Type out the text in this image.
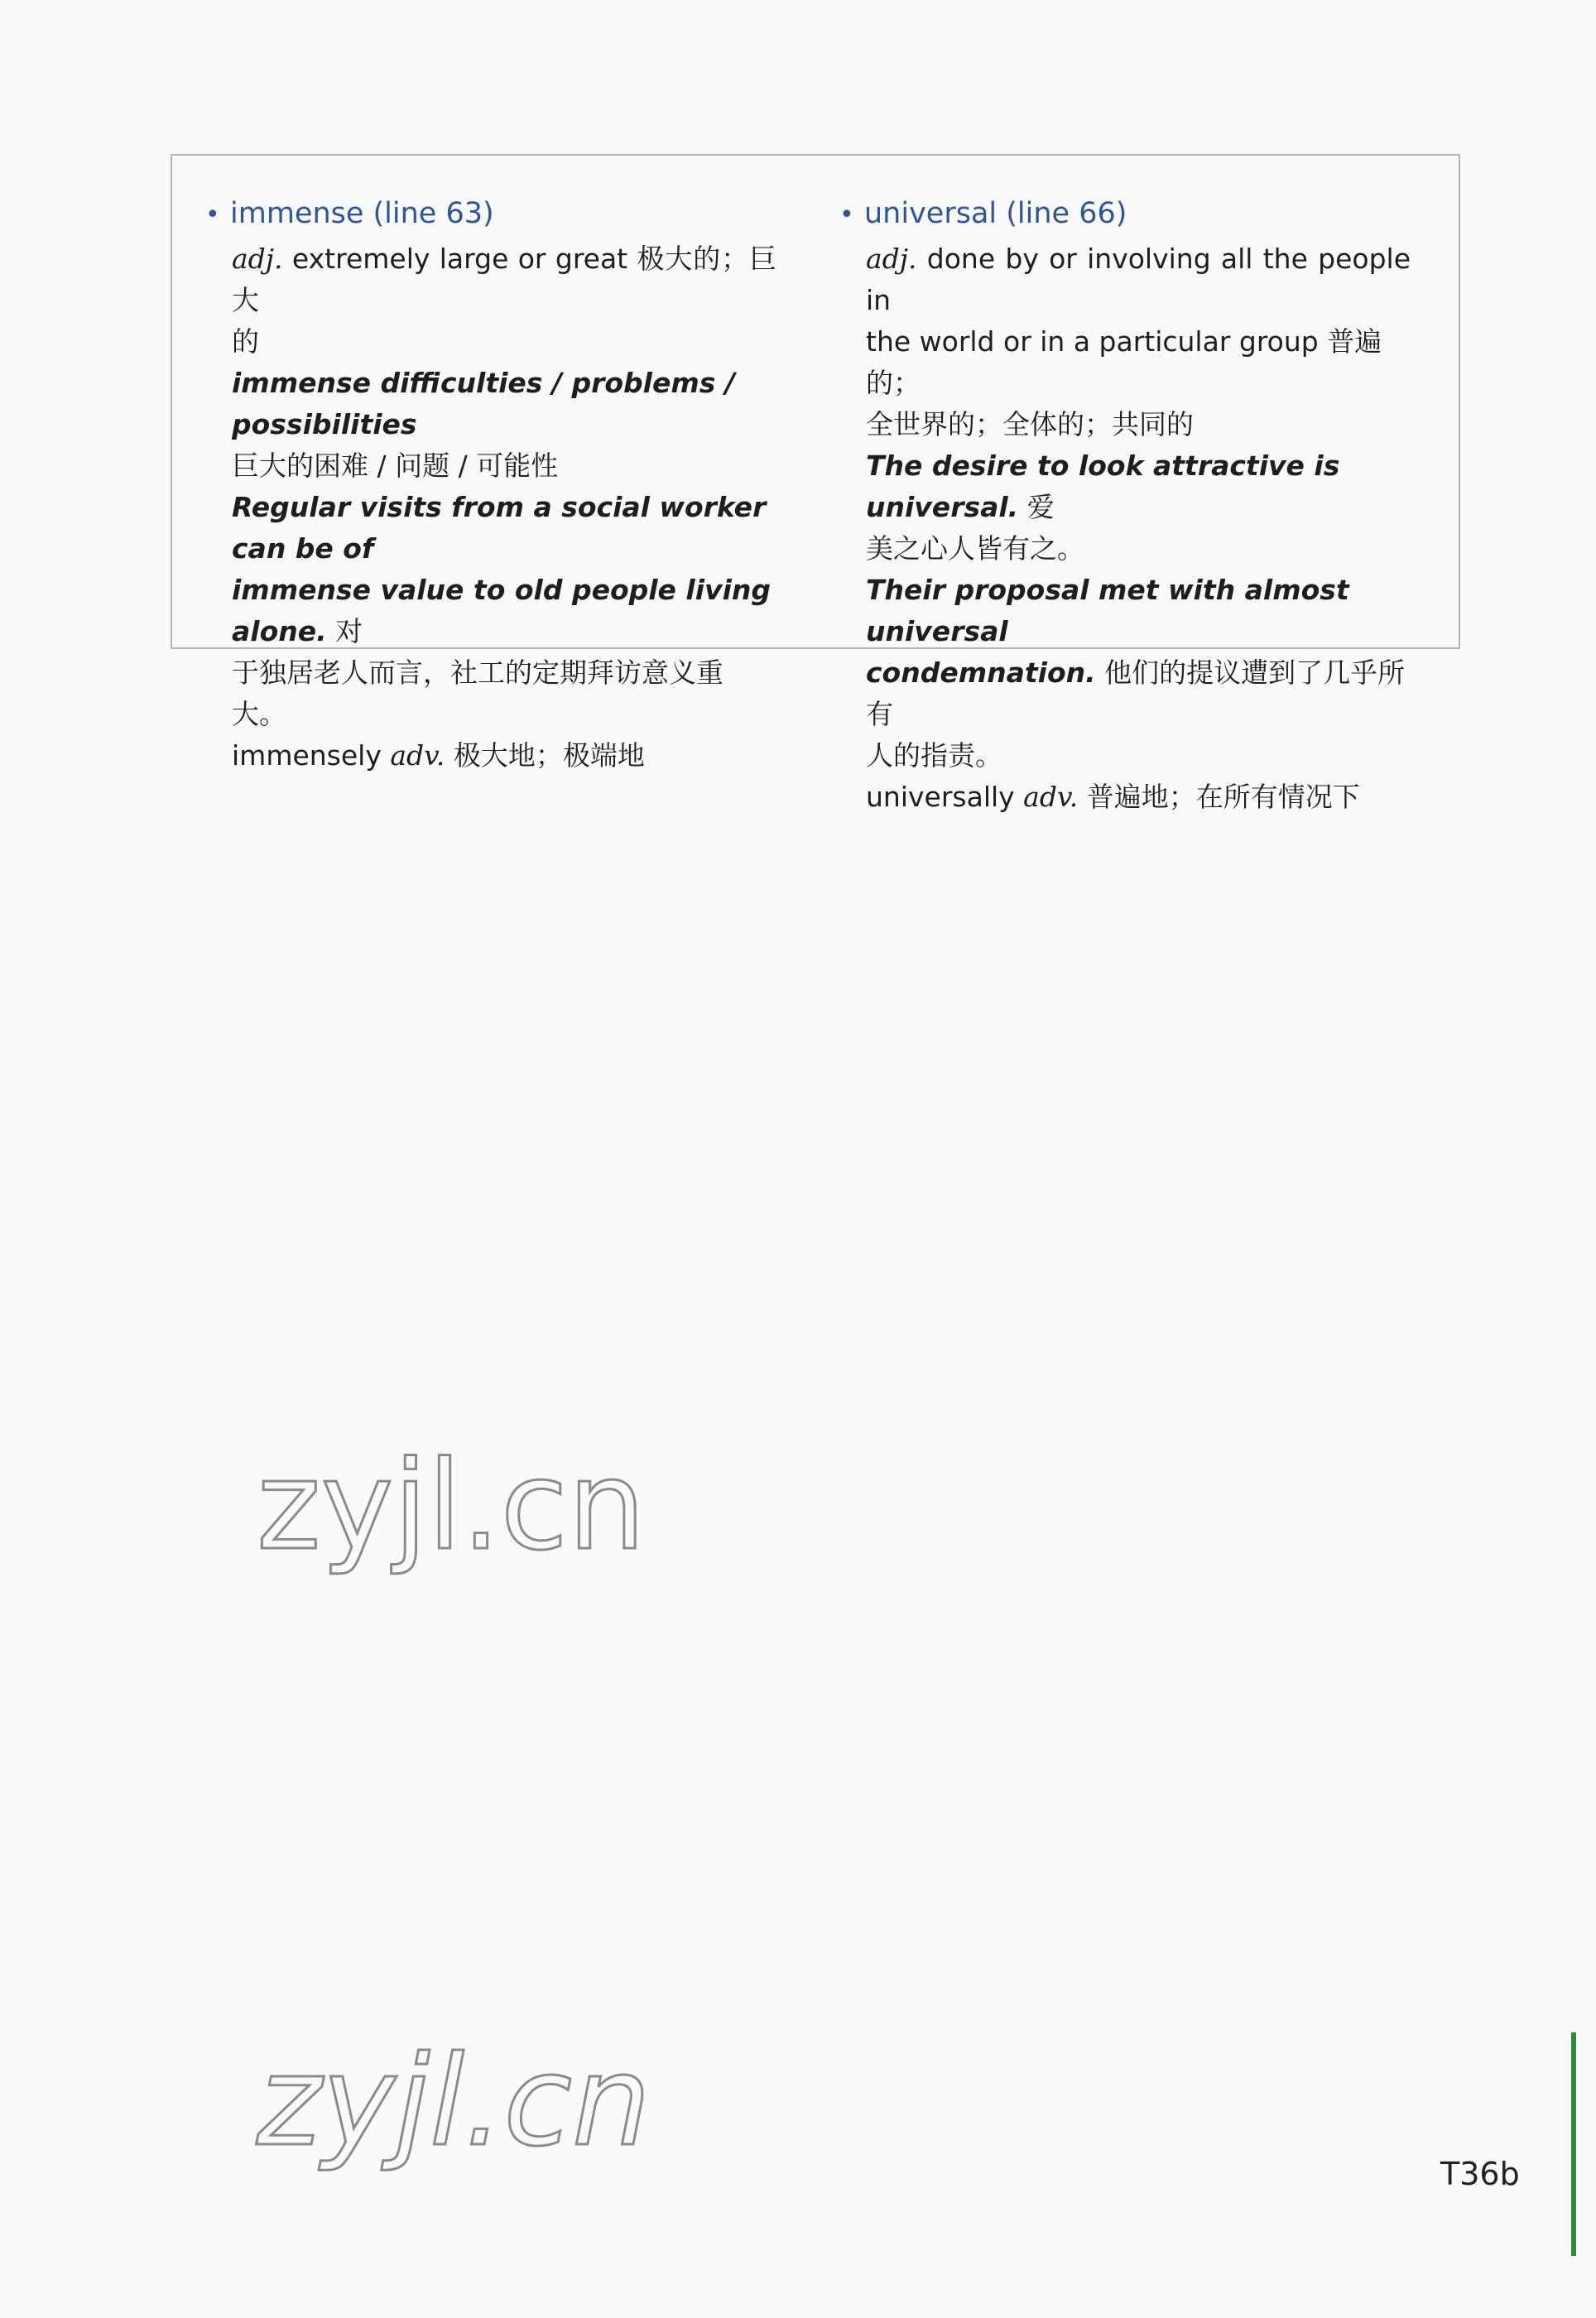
• immense (line 63)
adj. extremely large or great 极大的；巨大
的
immense difficulties / problems / possibilities
巨大的困难 / 问题 / 可能性
Regular visits from a social worker can be of
immense value to old people living alone. 对
于独居老人而言，社工的定期拜访意义重
大。
immensely adv. 极大地；极端地
• universal (line 66)
adj. done by or involving all the people in
the world or in a particular group 普遍的；
全世界的；全体的；共同的
The desire to look attractive is universal. 爱
美之心人皆有之。
Their proposal met with almost universal
condemnation. 他们的提议遭到了几乎所有
人的指责。
universally adv. 普遍地；在所有情况下
zyjl.cn
zyjl.cn	T36b
